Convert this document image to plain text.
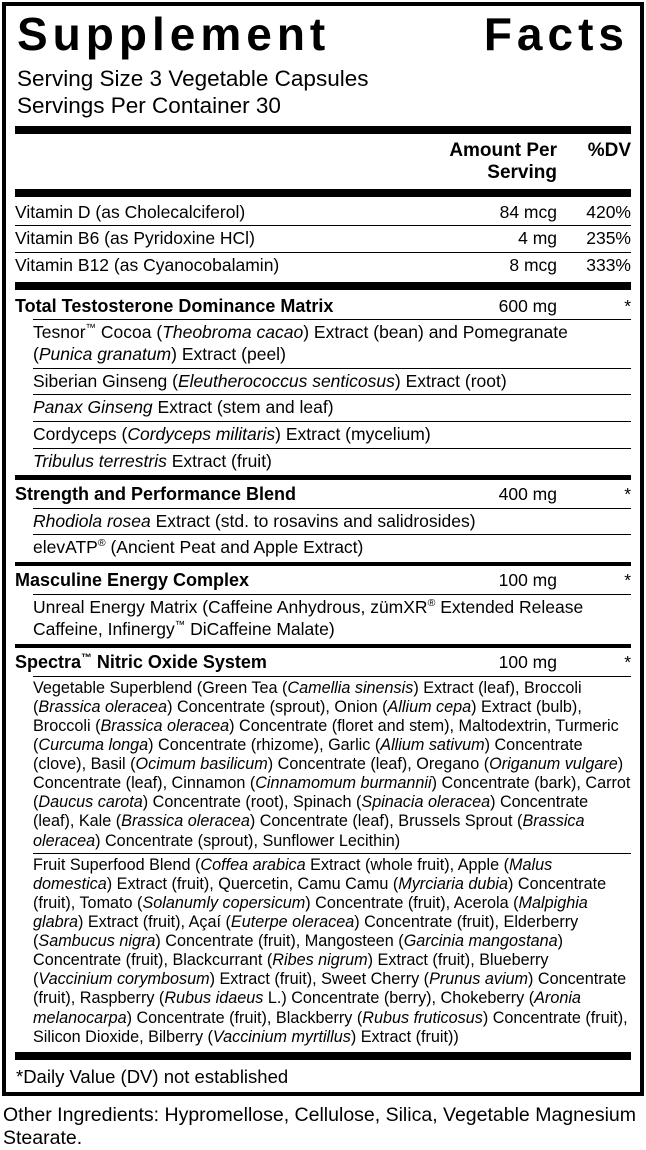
Supplement	Facts
Serving Size 3 Vegetable Capsules
Servings Per Container 30
Amount Per Serving
%DV
Vitamin D (as Cholecalciferol)	84 mcg	420%
Vitamin B6 (as Pyridoxine HCl)	4 mg	235%
Vitamin B12 (as Cyanocobalamin)	8 mcg	333%
Total Testosterone Dominance Matrix	600 mg	*
Tesnor™ Cocoa (Theobroma cacao) Extract (bean) and Pomegranate (Punica granatum) Extract (peel)
Siberian Ginseng (Eleutherococcus senticosus) Extract (root)
Panax Ginseng Extract (stem and leaf)
Cordyceps (Cordyceps militaris) Extract (mycelium)
Tribulus terrestris Extract (fruit)
Strength and Performance Blend	400 mg	*
Rhodiola rosea Extract (std. to rosavins and salidrosides)
elevATP® (Ancient Peat and Apple Extract)
Masculine Energy Complex	100 mg	*
Unreal Energy Matrix (Caffeine Anhydrous, zümXR® Extended Release Caffeine, Infinergy™ DiCaffeine Malate)
Spectra™ Nitric Oxide System	100 mg	*
Vegetable Superblend (Green Tea (Camellia sinensis) Extract (leaf), Broccoli (Brassica oleracea) Concentrate (sprout), Onion (Allium cepa) Extract (bulb), Broccoli (Brassica oleracea) Concentrate (floret and stem), Maltodextrin, Turmeric (Curcuma longa) Concentrate (rhizome), Garlic (Allium sativum) Concentrate (clove), Basil (Ocimum basilicum) Concentrate (leaf), Oregano (Origanum vulgare) Concentrate (leaf), Cinnamon (Cinnamomum burmannii) Concentrate (bark), Carrot (Daucus carota) Concentrate (root), Spinach (Spinacia oleracea) Concentrate (leaf), Kale (Brassica oleracea) Concentrate (leaf), Brussels Sprout (Brassica oleracea) Concentrate (sprout), Sunflower Lecithin)
Fruit Superfood Blend (Coffea arabica Extract (whole fruit), Apple (Malus domestica) Extract (fruit), Quercetin, Camu Camu (Myrciaria dubia) Concentrate (fruit), Tomato (Solanumly copersicum) Concentrate (fruit), Acerola (Malpighia glabra) Extract (fruit), Açaí (Euterpe oleracea) Concentrate (fruit), Elderberry (Sambucus nigra) Concentrate (fruit), Mangosteen (Garcinia mangostana) Concentrate (fruit), Blackcurrant (Ribes nigrum) Extract (fruit), Blueberry (Vaccinium corymbosum) Extract (fruit), Sweet Cherry (Prunus avium) Concentrate (fruit), Raspberry (Rubus idaeus L.) Concentrate (berry), Chokeberry (Aronia melanocarpa) Concentrate (fruit), Blackberry (Rubus fruticosus) Concentrate (fruit), Silicon Dioxide, Bilberry (Vaccinium myrtillus) Extract (fruit))
*Daily Value (DV) not established
Other Ingredients: Hypromellose, Cellulose, Silica, Vegetable Magnesium Stearate.
